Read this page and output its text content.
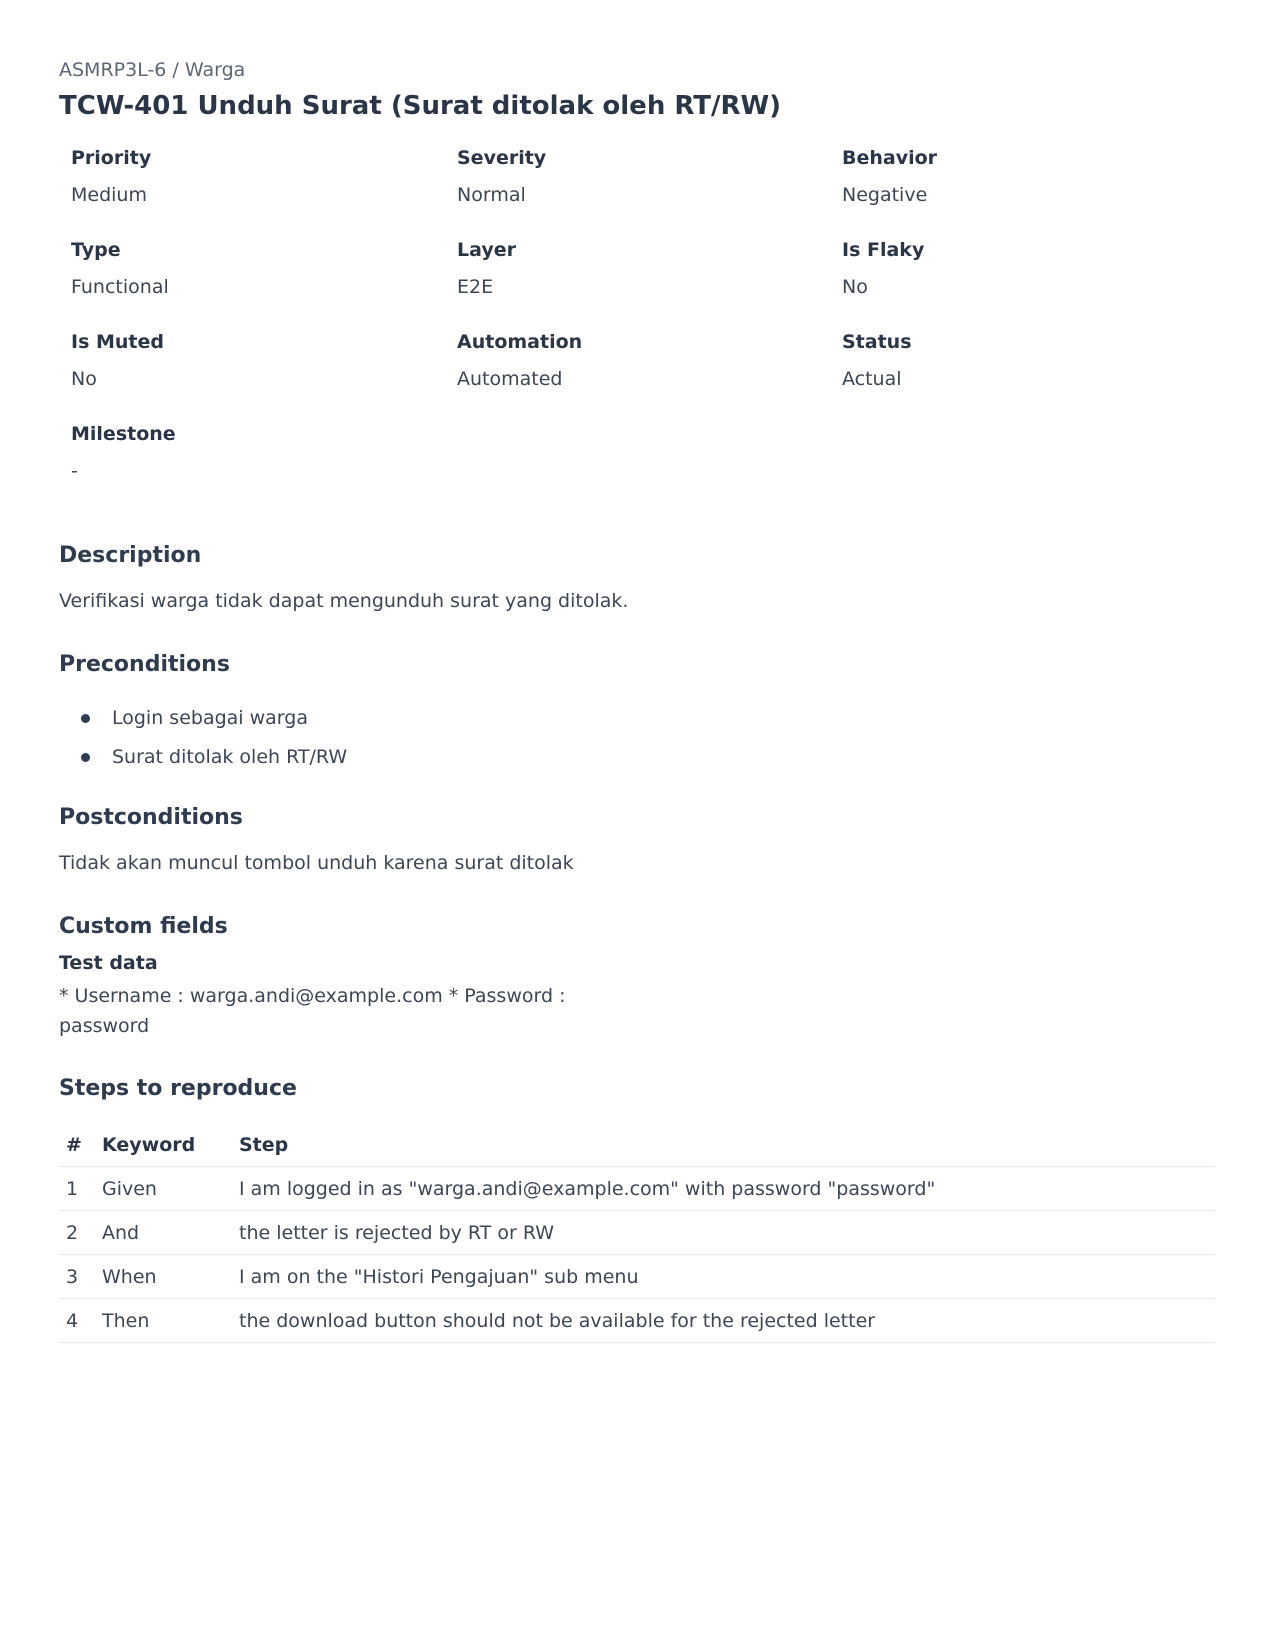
ASMRP3L-6 / Warga
TCW-401 Unduh Surat (Surat ditolak oleh RT/RW)
Priority
Medium
Severity
Normal
Behavior
Negative
Type
Functional
Layer
E2E
Is Flaky
No
Is Muted
No
Automation
Automated
Status
Actual
Milestone
-
Description
Verifikasi warga tidak dapat mengunduh surat yang ditolak.
Preconditions
Login sebagai warga
Surat ditolak oleh RT/RW
Postconditions
Tidak akan muncul tombol unduh karena surat ditolak
Custom fields
Test data
* Username : warga.andi@example.com * Password : password
Steps to reproduce
#	Keyword	Step
1	Given	I am logged in as "warga.andi@example.com" with password "password"
2	And	the letter is rejected by RT or RW
3	When	I am on the "Histori Pengajuan" sub menu
4	Then	the download button should not be available for the rejected letter
